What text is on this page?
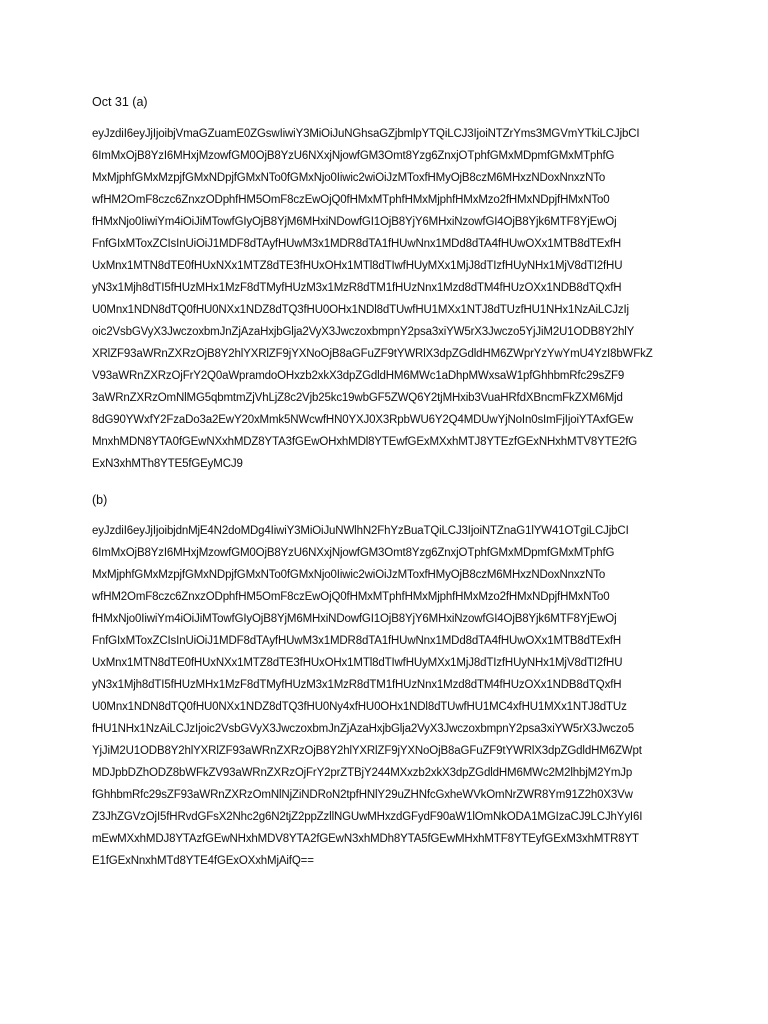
Oct 31 (a)
eyJzdiI6eyJjIjoibjVmaGZuamE0ZGswIiwiY3MiOiJuNGhsaGZjbmlpYTQiLCJ3IjoiNTZrYms3MGVmYTkiLCJjbCI
6ImMxOjB8YzI6MHxjMzowfGM0OjB8YzU6NXxjNjowfGM3Omt8Yzg6ZnxjOTphfGMxMDpmfGMxMTphfG
MxMjphfGMxMzpjfGMxNDpjfGMxNTo0fGMxNjo0Iiwic2wiOiJzMToxfHMyOjB8czM6MHxzNDoxNnxzNTo
wfHM2OmF8czc6ZnxzODphfHM5OmF8czEwOjQ0fHMxMTphfHMxMjphfHMxMzo2fHMxNDpjfHMxNTo0
fHMxNjo0IiwiYm4iOiJiMTowfGIyOjB8YjM6MHxiNDowfGI1OjB8YjY6MHxiNzowfGI4OjB8Yjk6MTF8YjEwOj
FnfGIxMToxZCIsInUiOiJ1MDF8dTAyfHUwM3x1MDR8dTA1fHUwNnx1MDd8dTA4fHUwOXx1MTB8dTExfH
UxMnx1MTN8dTE0fHUxNXx1MTZ8dTE3fHUxOHx1MTl8dTIwfHUyMXx1MjJ8dTIzfHUyNHx1MjV8dTI2fHU
yN3x1Mjh8dTI5fHUzMHx1MzF8dTMyfHUzM3x1MzR8dTM1fHUzNnx1Mzd8dTM4fHUzOXx1NDB8dTQxfH
U0Mnx1NDN8dTQ0fHU0NXx1NDZ8dTQ3fHU0OHx1NDl8dTUwfHU1MXx1NTJ8dTUzfHU1NHx1NzAiLCJzIj
oic2VsbGVyX3JwczoxbmJnZjAzaHxjbGlja2VyX3JwczoxbmpnY2psa3xiYW5rX3Jwczo5YjJiM2U1ODB8Y2hlY
XRlZF93aWRnZXRzOjB8Y2hlYXRlZF9jYXNoOjB8aGFuZF9tYWRlX3dpZGdldHM6ZWprYzYwYmU4YzI8bWFkZ
V93aWRnZXRzOjFrY2Q0aWpramdoOHxzb2xkX3dpZGdldHM6MWc1aDhpMWxsaW1pfGhhbmRfc29sZF9
3aWRnZXRzOmNlMG5qbmtmZjVhLjZ8c2Vjb25kc19wbGF5ZWQ6Y2tjMHxib3VuaHRfdXBncmFkZXM6Mjd
8dG90YWxfY2FzaDo3a2EwY20xMmk5NWcwfHN0YXJ0X3RpbWU6Y2Q4MDUwYjNoIn0sImFjIjoiYTAxfGEw
MnxhMDN8YTA0fGEwNXxhMDZ8YTA3fGEwOHxhMDl8YTEwfGExMXxhMTJ8YTEzfGExNHxhMTV8YTE2fG
ExN3xhMTh8YTE5fGEyMCJ9
(b)
eyJzdiI6eyJjIjoibjdnMjE4N2doMDg4IiwiY3MiOiJuNWlhN2FhYzBuaTQiLCJ3IjoiNTZnaG1lYW41OTgiLCJjbCI
6ImMxOjB8YzI6MHxjMzowfGM0OjB8YzU6NXxjNjowfGM3Omt8Yzg6ZnxjOTphfGMxMDpmfGMxMTphfG
MxMjphfGMxMzpjfGMxNDpjfGMxNTo0fGMxNjo0Iiwic2wiOiJzMToxfHMyOjB8czM6MHxzNDoxNnxzNTo
wfHM2OmF8czc6ZnxzODphfHM5OmF8czEwOjQ0fHMxMTphfHMxMjphfHMxMzo2fHMxNDpjfHMxNTo0
fHMxNjo0IiwiYm4iOiJiMTowfGIyOjB8YjM6MHxiNDowfGI1OjB8YjY6MHxiNzowfGI4OjB8Yjk6MTF8YjEwOj
FnfGIxMToxZCIsInUiOiJ1MDF8dTAyfHUwM3x1MDR8dTA1fHUwNnx1MDd8dTA4fHUwOXx1MTB8dTExfH
UxMnx1MTN8dTE0fHUxNXx1MTZ8dTE3fHUxOHx1MTl8dTIwfHUyMXx1MjJ8dTIzfHUyNHx1MjV8dTI2fHU
yN3x1Mjh8dTI5fHUzMHx1MzF8dTMyfHUzM3x1MzR8dTM1fHUzNnx1Mzd8dTM4fHUzOXx1NDB8dTQxfH
U0Mnx1NDN8dTQ0fHU0NXx1NDZ8dTQ3fHU0Ny4xfHU0OHx1NDl8dTUwfHU1MC4xfHU1MXx1NTJ8dTUz
fHU1NHx1NzAiLCJzIjoic2VsbGVyX3JwczoxbmJnZjAzaHxjbGlja2VyX3JwczoxbmpnY2psa3xiYW5rX3Jwczo5
YjJiM2U1ODB8Y2hlYXRlZF93aWRnZXRzOjB8Y2hlYXRlZF9jYXNoOjB8aGFuZF9tYWRlX3dpZGdldHM6ZWpt
MDJpbDZhODZ8bWFkZV93aWRnZXRzOjFrY2prZTBjY244MXxzb2xkX3dpZGdldHM6MWc2M2lhbjM2YmJp
fGhhbmRfc29sZF93aWRnZXRzOmNlNjZiNDRoN2tpfHNlY29uZHNfcGxheWVkOmNrZWR8Ym91Z2h0X3Vw
Z3JhZGVzOjI5fHRvdGFsX2Nhc2g6N2tjZ2ppZzllNGUwMHxzdGFydF90aW1lOmNkODA1MGIzaCJ9LCJhYyI6I
mEwMXxhMDJ8YTAzfGEwNHxhMDV8YTA2fGEwN3xhMDh8YTA5fGEwMHxhMTF8YTEyfGExM3xhMTR8YT
E1fGExNnxhMTd8YTE4fGExOXxhMjAifQ==
